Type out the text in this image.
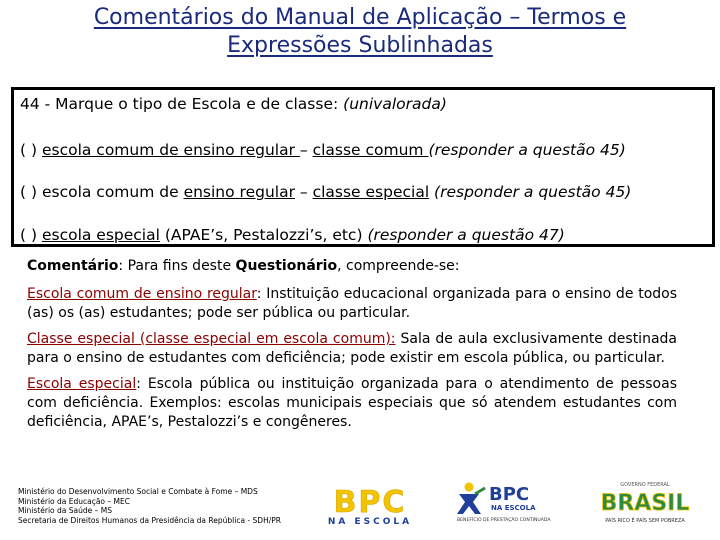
Comentários do Manual de Aplicação – Termos e
Expressões Sublinhadas
44 - Marque o tipo de Escola e de classe: (univalorada)
( ) escola comum de ensino regular – classe comum (responder a questão 45)
( ) escola comum de ensino regular – classe especial (responder a questão 45)
( ) escola especial (APAE’s, Pestalozzi’s, etc) (responder a questão 47)
Comentário: Para fins deste Questionário, compreende-se:
Escola comum de ensino regular: Instituição educacional organizada para o ensino de todos (as) os (as) estudantes; pode ser pública ou particular.
Classe especial (classe especial em escola comum): Sala de aula exclusivamente destinada para o ensino de estudantes com deficiência; pode existir em escola pública, ou particular.
Escola especial: Escola pública ou instituição organizada para o atendimento de pessoas com deficiência. Exemplos: escolas municipais especiais que só atendem estudantes com deficiência, APAE’s, Pestalozzi’s e congêneres.
Ministério do Desenvolvimento Social e Combate à Fome – MDS
Ministério da Educação – MEC
Ministério da Saúde – MS
Secretaria de Direitos Humanos da Presidência da República - SDH/PR BPC
NA ESCOLA
BPC
NA ESCOLA
BENEFÍCIO DE PRESTAÇÃO CONTINUADA
GOVERNO FEDERAL
BRASIL
PAÍS RICO É PAÍS SEM POBREZA
